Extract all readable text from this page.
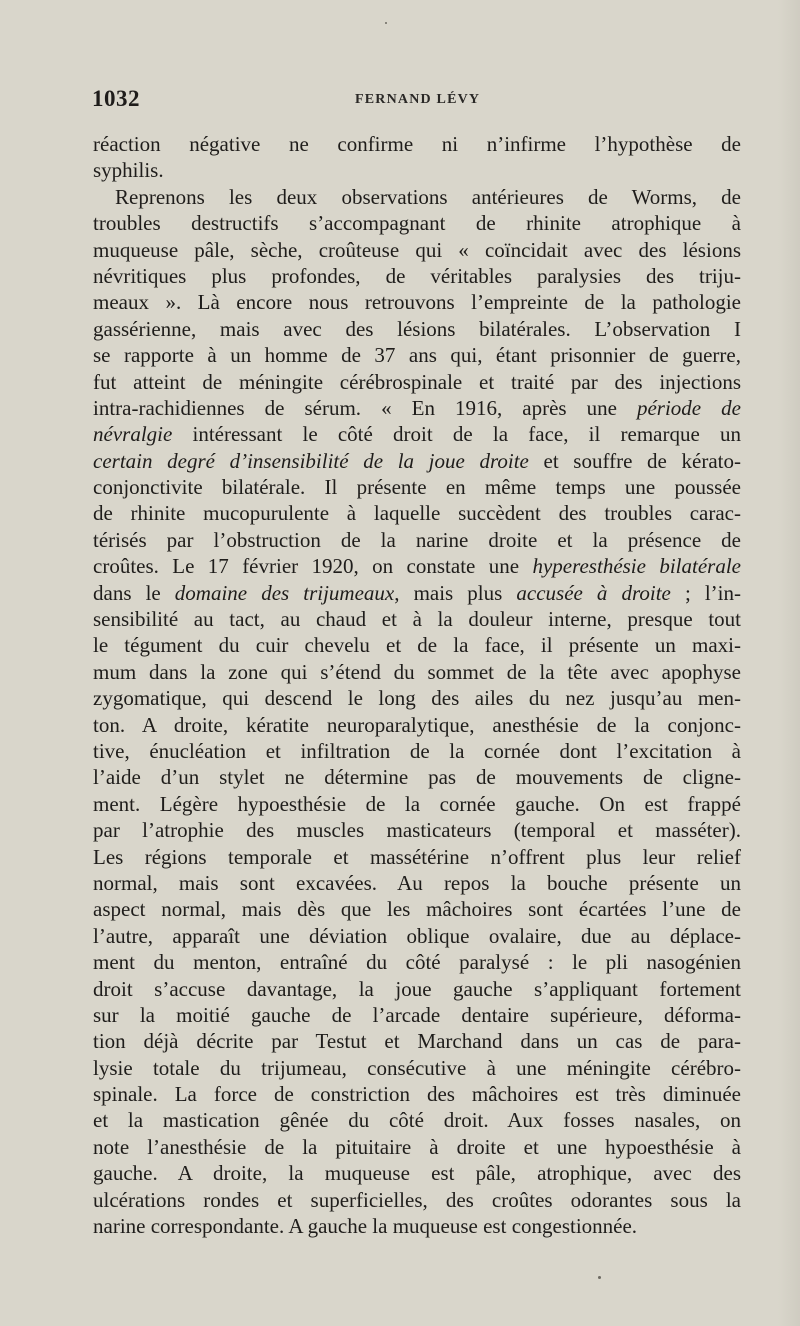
1032	FERNAND LÉVY
réaction négative ne confirme ni n’infirme l’hypothèse de
syphilis.
Reprenons les deux observations antérieures de Worms, de
troubles destructifs s’accompagnant de rhinite atrophique à
muqueuse pâle, sèche, croûteuse qui « coïncidait avec des lésions
névritiques plus profondes, de véritables paralysies des triju-
meaux ». Là encore nous retrouvons l’empreinte de la pathologie
gassérienne, mais avec des lésions bilatérales. L’observation I
se rapporte à un homme de 37 ans qui, étant prisonnier de guerre,
fut atteint de méningite cérébrospinale et traité par des injections
intra-rachidiennes de sérum. « En 1916, après une période de
névralgie intéressant le côté droit de la face, il remarque un
certain degré d’insensibilité de la joue droite et souffre de kérato-
conjonctivite bilatérale. Il présente en même temps une poussée
de rhinite mucopurulente à laquelle succèdent des troubles carac-
térisés par l’obstruction de la narine droite et la présence de
croûtes. Le 17 février 1920, on constate une hyperesthésie bilatérale
dans le domaine des trijumeaux, mais plus accusée à droite ; l’in-
sensibilité au tact, au chaud et à la douleur interne, presque tout
le tégument du cuir chevelu et de la face, il présente un maxi-
mum dans la zone qui s’étend du sommet de la tête avec apophyse
zygomatique, qui descend le long des ailes du nez jusqu’au men-
ton. A droite, kératite neuroparalytique, anesthésie de la conjonc-
tive, énucléation et infiltration de la cornée dont l’excitation à
l’aide d’un stylet ne détermine pas de mouvements de cligne-
ment. Légère hypoesthésie de la cornée gauche. On est frappé
par l’atrophie des muscles masticateurs (temporal et masséter).
Les régions temporale et massétérine n’offrent plus leur relief
normal, mais sont excavées. Au repos la bouche présente un
aspect normal, mais dès que les mâchoires sont écartées l’une de
l’autre, apparaît une déviation oblique ovalaire, due au déplace-
ment du menton, entraîné du côté paralysé : le pli nasogénien
droit s’accuse davantage, la joue gauche s’appliquant fortement
sur la moitié gauche de l’arcade dentaire supérieure, déforma-
tion déjà décrite par Testut et Marchand dans un cas de para-
lysie totale du trijumeau, consécutive à une méningite cérébro-
spinale. La force de constriction des mâchoires est très diminuée
et la mastication gênée du côté droit. Aux fosses nasales, on
note l’anesthésie de la pituitaire à droite et une hypoesthésie à
gauche. A droite, la muqueuse est pâle, atrophique, avec des
ulcérations rondes et superficielles, des croûtes odorantes sous la
narine correspondante. A gauche la muqueuse est congestionnée.
